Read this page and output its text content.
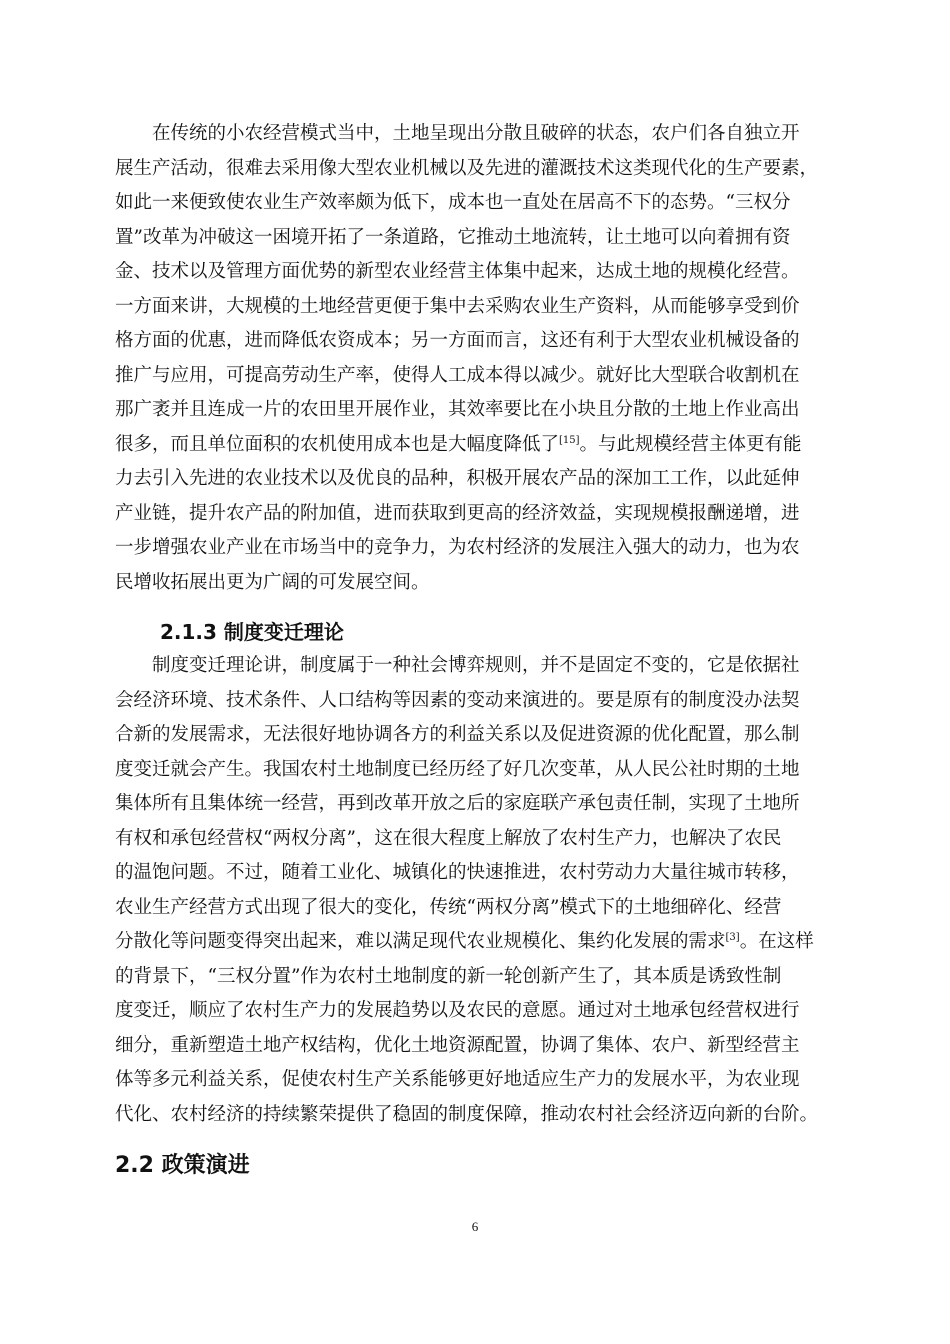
　　在传统的小农经营模式当中，土地呈现出分散且破碎的状态，农户们各自独立开
展生产活动，很难去采用像大型农业机械以及先进的灌溉技术这类现代化的生产要素，
如此一来便致使农业生产效率颇为低下，成本也一直处在居高不下的态势。“三权分
置”改革为冲破这一困境开拓了一条道路，它推动土地流转，让土地可以向着拥有资
金、技术以及管理方面优势的新型农业经营主体集中起来，达成土地的规模化经营。
一方面来讲，大规模的土地经营更便于集中去采购农业生产资料，从而能够享受到价
格方面的优惠，进而降低农资成本；另一方面而言，这还有利于大型农业机械设备的
推广与应用，可提高劳动生产率，使得人工成本得以减少。就好比大型联合收割机在
那广袤并且连成一片的农田里开展作业，其效率要比在小块且分散的土地上作业高出
很多，而且单位面积的农机使用成本也是大幅度降低了[15]。与此规模经营主体更有能
力去引入先进的农业技术以及优良的品种，积极开展农产品的深加工工作，以此延伸
产业链，提升农产品的附加值，进而获取到更高的经济效益，实现规模报酬递增，进
一步增强农业产业在市场当中的竞争力，为农村经济的发展注入强大的动力，也为农
民增收拓展出更为广阔的可发展空间。
2.1.3 制度变迁理论
　　制度变迁理论讲，制度属于一种社会博弈规则，并不是固定不变的，它是依据社
会经济环境、技术条件、人口结构等因素的变动来演进的。要是原有的制度没办法契
合新的发展需求，无法很好地协调各方的利益关系以及促进资源的优化配置，那么制
度变迁就会产生。我国农村土地制度已经历经了好几次变革，从人民公社时期的土地
集体所有且集体统一经营，再到改革开放之后的家庭联产承包责任制，实现了土地所
有权和承包经营权“两权分离”，这在很大程度上解放了农村生产力，也解决了农民
的温饱问题。不过，随着工业化、城镇化的快速推进，农村劳动力大量往城市转移，
农业生产经营方式出现了很大的变化，传统“两权分离”模式下的土地细碎化、经营
分散化等问题变得突出起来，难以满足现代农业规模化、集约化发展的需求[3]。在这样
的背景下，“三权分置”作为农村土地制度的新一轮创新产生了，其本质是诱致性制
度变迁，顺应了农村生产力的发展趋势以及农民的意愿。通过对土地承包经营权进行
细分，重新塑造土地产权结构，优化土地资源配置，协调了集体、农户、新型经营主
体等多元利益关系，促使农村生产关系能够更好地适应生产力的发展水平，为农业现
代化、农村经济的持续繁荣提供了稳固的制度保障，推动农村社会经济迈向新的台阶。
2.2 政策演进
6
